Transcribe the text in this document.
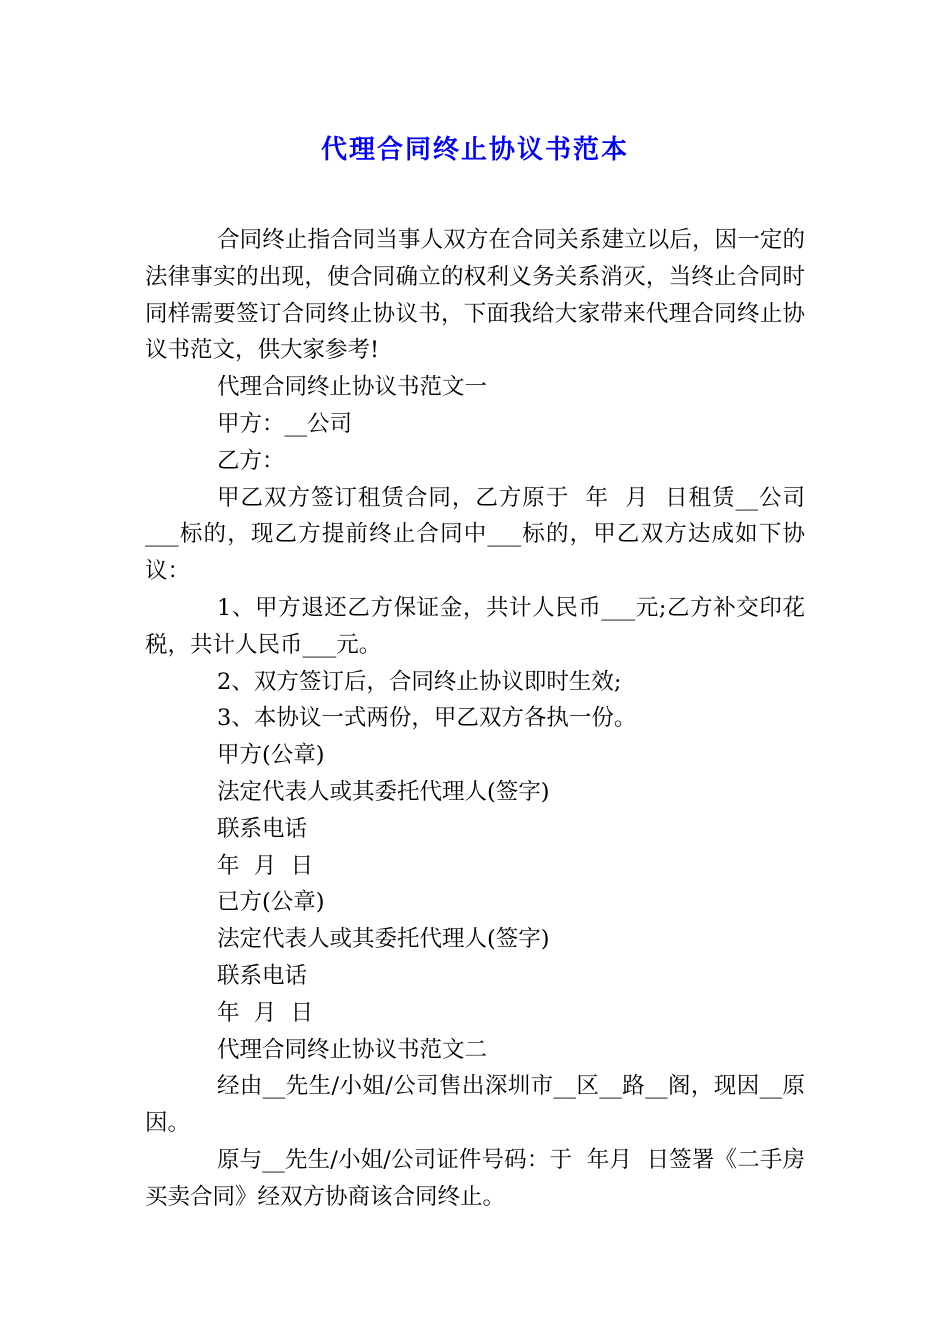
代理合同终止协议书范本

合同终止指合同当事人双方在合同关系建立以后，因一定的法律事实的出现，使合同确立的权利义务关系消灭，当终止合同时同样需要签订合同终止协议书，下面我给大家带来代理合同终止协议书范文，供大家参考!

代理合同终止协议书范文一

甲方：__公司

乙方：

甲乙双方签订租赁合同，乙方原于  年  月  日租赁__公司___标的，现乙方提前终止合同中___标的，甲乙双方达成如下协议：

1、甲方退还乙方保证金，共计人民币___元;乙方补交印花税，共计人民币___元。

2、双方签订后，合同终止协议即时生效;

3、本协议一式两份，甲乙双方各执一份。

甲方(公章)

法定代表人或其委托代理人(签字)

联系电话

年  月  日

已方(公章)

法定代表人或其委托代理人(签字)

联系电话

年  月  日

代理合同终止协议书范文二

经由__先生/小姐/公司售出深圳市__区__路__阁，现因__原因。

原与__先生/小姐/公司证件号码：于  年月  日签署《二手房买卖合同》经双方协商该合同终止。
